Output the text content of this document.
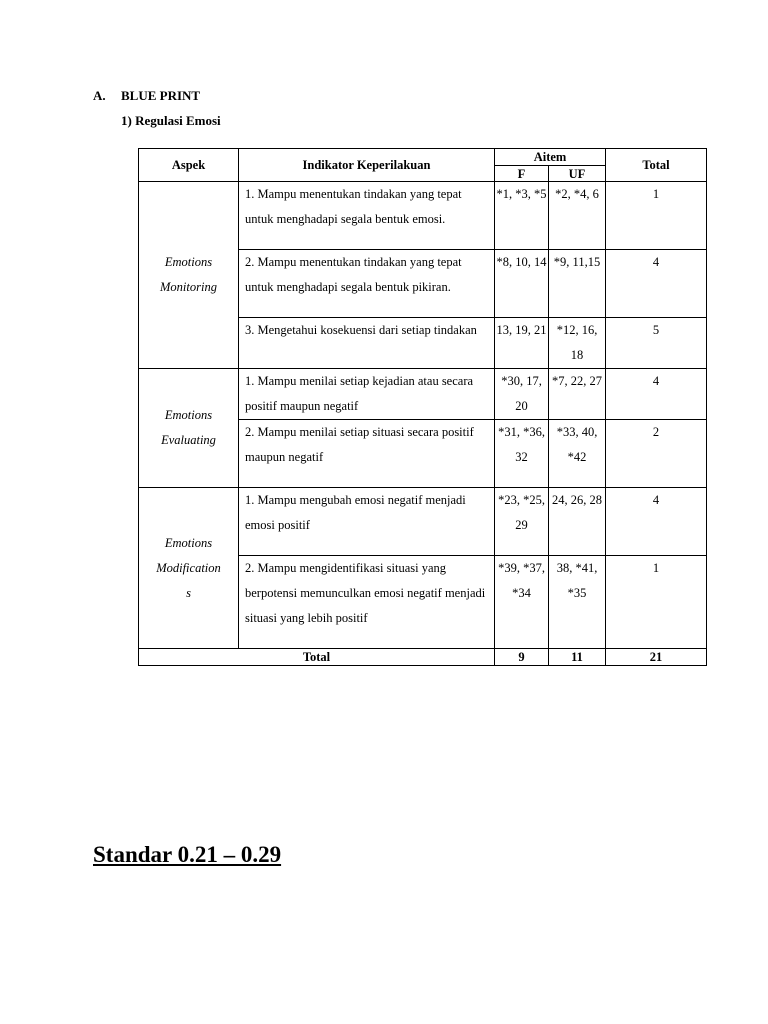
A. BLUE PRINT
1) Regulasi Emosi
Aspek	Indikator Keperilakuan	Aitem		Total
		F	UF	

Emotions
Monitoring	1. Mampu menentukan tindakan yang tepat untuk menghadapi segala bentuk emosi.	*1, *3, *5	*2, *4, 6	1
	2. Mampu menentukan tindakan yang tepat untuk menghadapi segala bentuk pikiran.	*8, 10, 14	*9, 11,15	4
	3. Mengetahui kosekuensi dari setiap tindakan	13, 19, 21	*12, 16, 18	5

Emotions
Evaluating	1. Mampu menilai setiap kejadian atau secara positif maupun negatif	*30, 17, 20	*7, 22, 27	4
	2. Mampu menilai setiap situasi secara positif maupun negatif	*31, *36, 32	*33, 40, *42	2

Emotions
Modification
s	1. Mampu mengubah emosi negatif menjadi emosi positif	*23, *25, 29	24, 26, 28	4
	2. Mampu mengidentifikasi situasi yang berpotensi memunculkan emosi negatif menjadi situasi yang lebih positif	*39, *37, *34	38, *41, *35	1
Total		9	11	21
Standar 0.21 – 0.29
